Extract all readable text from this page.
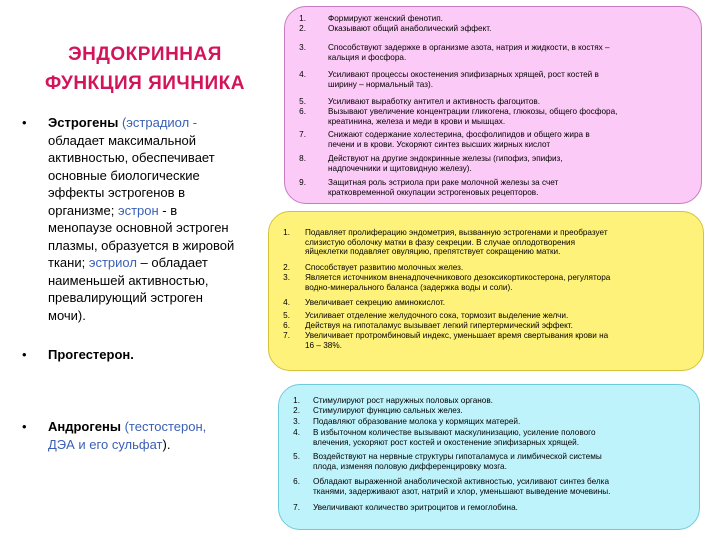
ЭНДОКРИННАЯ
ФУНКЦИЯ ЯИЧНИКА
•	Эстрогены (эстрадиол -
обладает максимальной
активностью, обеспечивает
основные биологические
эффекты эстрогенов в
организме; эстрон - в
менопаузе основной эстроген
плазмы, образуется в жировой
ткани; эстриол – обладает
наименьшей активностью,
превалирующий эстроген
мочи).
•	Прогестерон.
•	Андрогены (тестостерон,
ДЭА и его сульфат).
1.	Формируют женский фенотип.
2.	Оказывают общий анаболический эффект.
3.	Способствуют задержке в организме азота, натрия и жидкости, в костях –
кальция и фосфора.
4.	Усиливают процессы окостенения эпифизарных хрящей, рост костей в
ширину – нормальный таз).
5.	Усиливают выработку антител и активность фагоцитов.
6.	Вызывают увеличение концентрации гликогена, глюкозы, общего фосфора,
креатинина, железа и меди в крови и мышцах.
7.	Снижают содержание холестерина, фосфолипидов и общего жира в
печени и в крови. Ускоряют синтез высших жирных кислот
8.	Действуют на другие эндокринные железы (гипофиз, эпифиз,
надпочечники и щитовидную железу).
9.	Защитная роль эстриола при раке молочной железы за счет
кратковременной оккупации эстрогеновых рецепторов.
1. Подавляет пролиферацию эндометрия, вызванную эстрогенами и преобразует
слизистую оболочку матки в фазу секреции. В случае оплодотворения
яйцеклетки подавляет овуляцию, препятствует сокращению матки.
2. Способствует развитию молочных желез.
3. Является источником вненадпочечникового дезоксикортикостерона, регулятора
водно-минерального баланса (задержка воды и соли).
4. Увеличивает секрецию аминокислот.
5. Усиливает отделение желудочного сока, тормозит выделение желчи.
6. Действуя на гипоталамус вызывает легкий гипертермический эффект.
7. Увеличивает протромбиновый индекс, уменьшает время свертывания крови на
16 – 38%.
1. Стимулируют рост наружных половых органов.
2. Стимулируют функцию сальных желез.
3. Подавляют образование молока у кормящих матерей.
4. В избыточном количестве вызывают маскулинизацию, усиление полового
влечения, ускоряют рост костей и окостенение эпифизарных хрящей.
5. Воздействуют на нервные структуры гипоталамуса и лимбической системы
плода, изменяя половую дифференцировку мозга.
6. Обладают выраженной анаболической активностью, усиливают синтез белка
тканями, задерживают азот, натрий и хлор, уменьшают выведение мочевины.
7. Увеличивают количество эритроцитов и гемоглобина.
